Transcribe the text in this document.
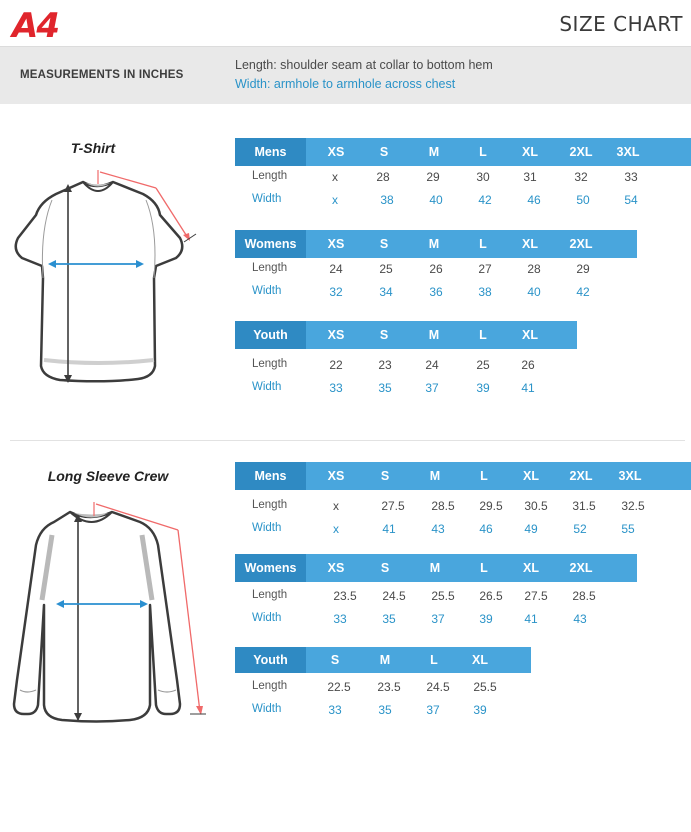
A4	SIZE CHART
MEASUREMENTS IN INCHES
Length: shoulder seam at collar to bottom hem
Width: armhole to armhole across chest
T-Shirt	Mens	XS	S	M	L	XL	2XL	3XL
Length	x	28	29	30	31	32	33
Width	x	38	40	42	46	50	54
Womens	XS	S	M	L	XL	2XL
Length	24	25	26	27	28	29
Width	32	34	36	38	40	42
Youth	XS	S	M	L	XL
Length	22	23	24	25	26
Width	33	35	37	39	41
Long Sleeve Crew	Mens	XS	S	M	L	XL	2XL	3XL
Length	x	27.5	28.5	29.5	30.5	31.5	32.5
Width	x	41	43	46	49	52	55
Womens	XS	S	M	L	XL	2XL
Length	23.5	24.5	25.5	26.5	27.5	28.5
Width	33	35	37	39	41	43
Youth	S	M	L	XL
Length	22.5	23.5	24.5	25.5
Width	33	35	37	39
